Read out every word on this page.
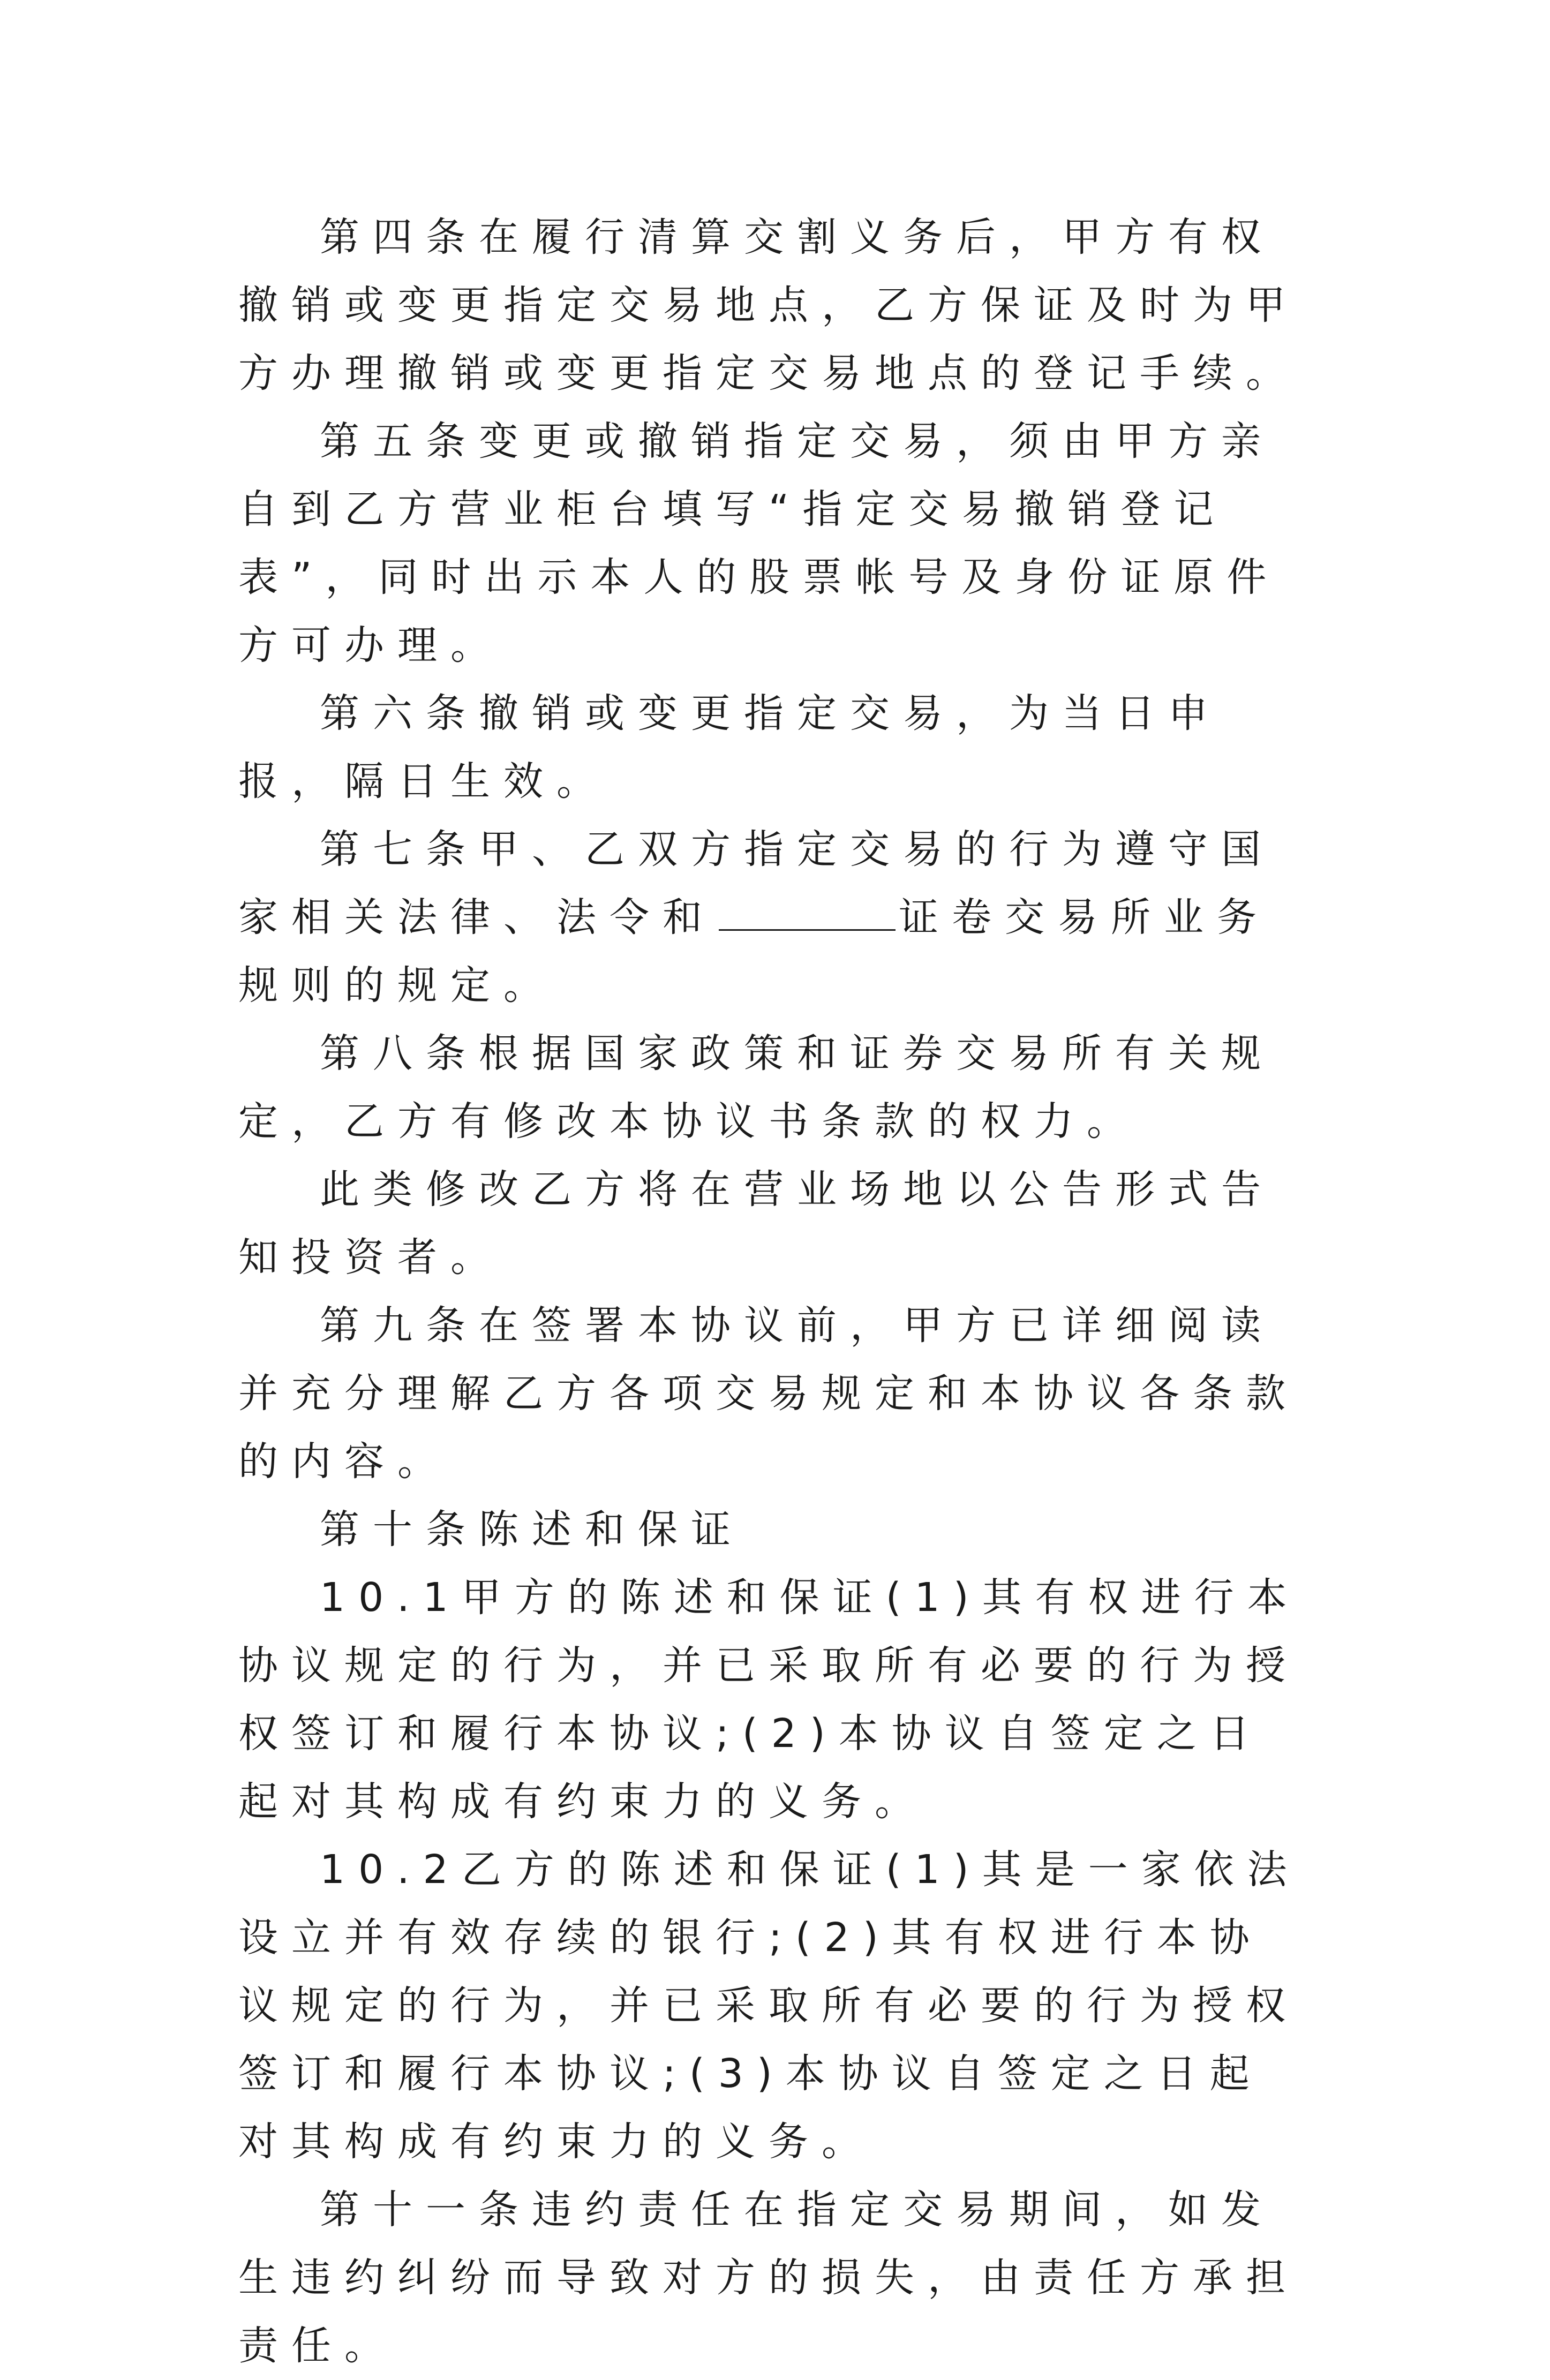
第四条在履行清算交割义务后，甲方有权撤销或变更指定交易地点，乙方保证及时为甲方办理撤销或变更指定交易地点的登记手续。

第五条变更或撤销指定交易，须由甲方亲自到乙方营业柜台填写“指定交易撤销登记表”，同时出示本人的股票帐号及身份证原件方可办理。

第六条撤销或变更指定交易，为当日申报，隔日生效。

第七条甲、乙双方指定交易的行为遵守国家相关法律、法令和	证卷交易所业务规则的规定。

第八条根据国家政策和证券交易所有关规定，乙方有修改本协议书条款的权力。

此类修改乙方将在营业场地以公告形式告知投资者。

第九条在签署本协议前，甲方已详细阅读并充分理解乙方各项交易规定和本协议各条款的内容。

第十条陈述和保证

10.1甲方的陈述和保证(1)其有权进行本协议规定的行为，并已采取所有必要的行为授权签订和履行本协议;(2)本协议自签定之日起对其构成有约束力的义务。

10.2乙方的陈述和保证(1)其是一家依法设立并有效存续的银行;(2)其有权进行本协议规定的行为，并已采取所有必要的行为授权签订和履行本协议;(3)本协议自签定之日起对其构成有约束力的义务。

第十一条违约责任在指定交易期间，如发生违约纠纷而导致对方的损失，由责任方承担责任。
